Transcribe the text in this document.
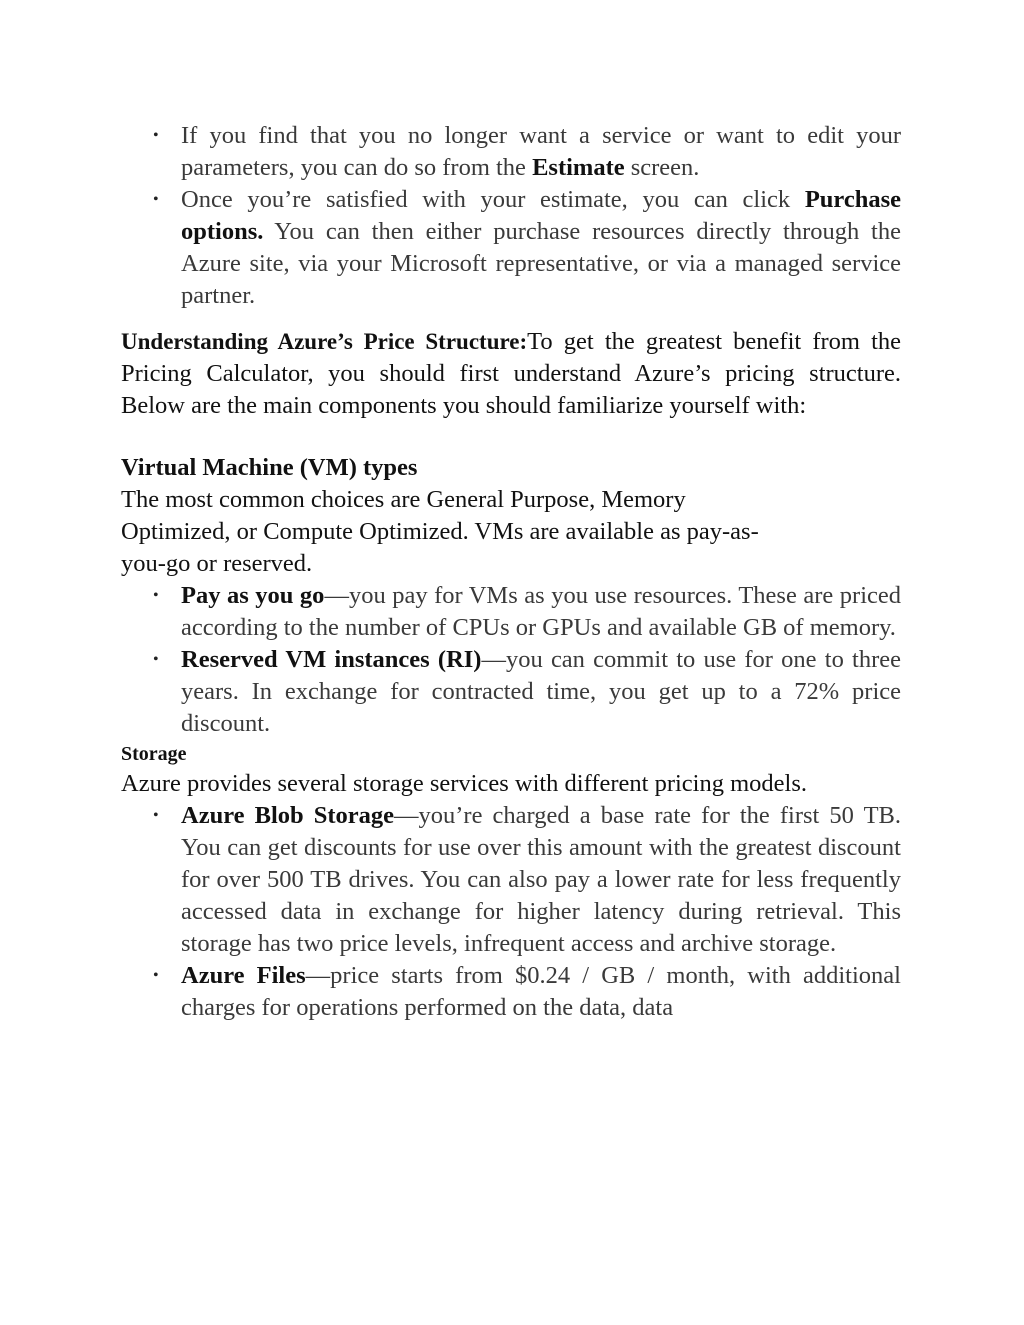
• If you find that you no longer want a service or want to edit your parameters, you can do so from the Estimate screen.
• Once you’re satisfied with your estimate, you can click Purchase options. You can then either purchase resources directly through the Azure site, via your Microsoft representative, or via a managed service partner.

Understanding Azure’s Price Structure:To get the greatest benefit from the Pricing Calculator, you should first understand Azure’s pricing structure. Below are the main components you should familiarize yourself with:

Virtual Machine (VM) types

The most common choices are General Purpose, Memory Optimized, or Compute Optimized. VMs are available as pay-as-you-go or reserved.

• Pay as you go—you pay for VMs as you use resources. These are priced according to the number of CPUs or GPUs and available GB of memory.
• Reserved VM instances (RI)—you can commit to use for one to three years. In exchange for contracted time, you get up to a 72% price discount.

Storage

Azure provides several storage services with different pricing models.

• Azure Blob Storage—you’re charged a base rate for the first 50 TB. You can get discounts for use over this amount with the greatest discount for over 500 TB drives. You can also pay a lower rate for less frequently accessed data in exchange for higher latency during retrieval. This storage has two price levels, infrequent access and archive storage.
• Azure Files—price starts from $0.24 / GB / month, with additional charges for operations performed on the data, data
